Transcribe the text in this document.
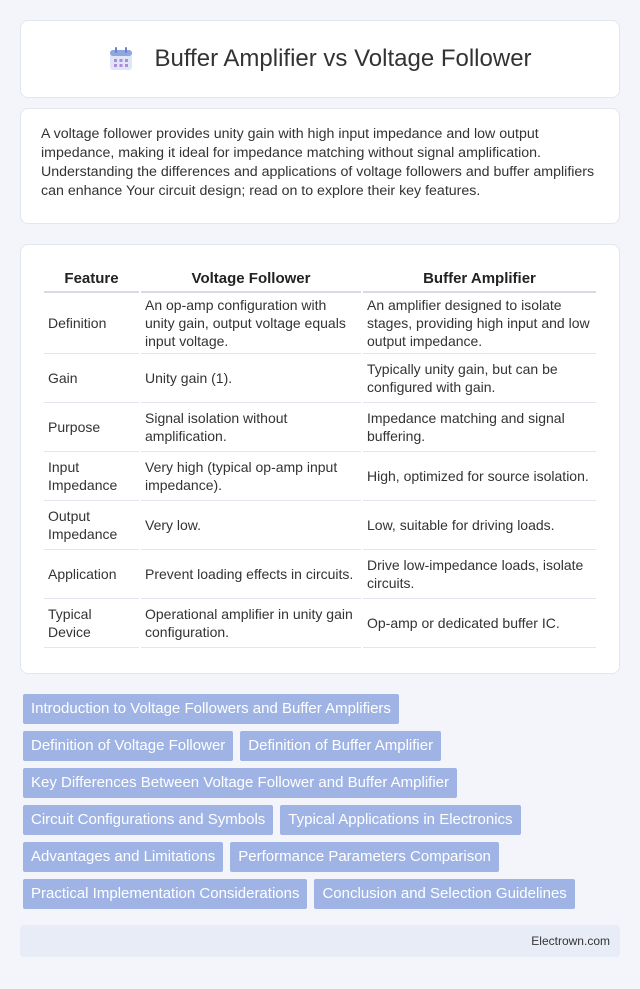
Buffer Amplifier vs Voltage Follower

A voltage follower provides unity gain with high input impedance and low output impedance, making it ideal for impedance matching without signal amplification. Understanding the differences and applications of voltage followers and buffer amplifiers can enhance Your circuit design; read on to explore their key features.

Feature	Voltage Follower	Buffer Amplifier
Definition	An op-amp configuration with unity gain, output voltage equals input voltage.	An amplifier designed to isolate stages, providing high input and low output impedance.
Gain	Unity gain (1).	Typically unity gain, but can be configured with gain.
Purpose	Signal isolation without amplification.	Impedance matching and signal buffering.
Input Impedance	Very high (typical op-amp input impedance).	High, optimized for source isolation.
Output Impedance	Very low.	Low, suitable for driving loads.
Application	Prevent loading effects in circuits.	Drive low-impedance loads, isolate circuits.
Typical Device	Operational amplifier in unity gain configuration.	Op-amp or dedicated buffer IC.
Introduction to Voltage Followers and Buffer Amplifiers
Definition of Voltage Follower Definition of Buffer Amplifier
Key Differences Between Voltage Follower and Buffer Amplifier
Circuit Configurations and Symbols Typical Applications in Electronics
Advantages and Limitations Performance Parameters Comparison
Practical Implementation Considerations Conclusion and Selection Guidelines
Electrown.com
